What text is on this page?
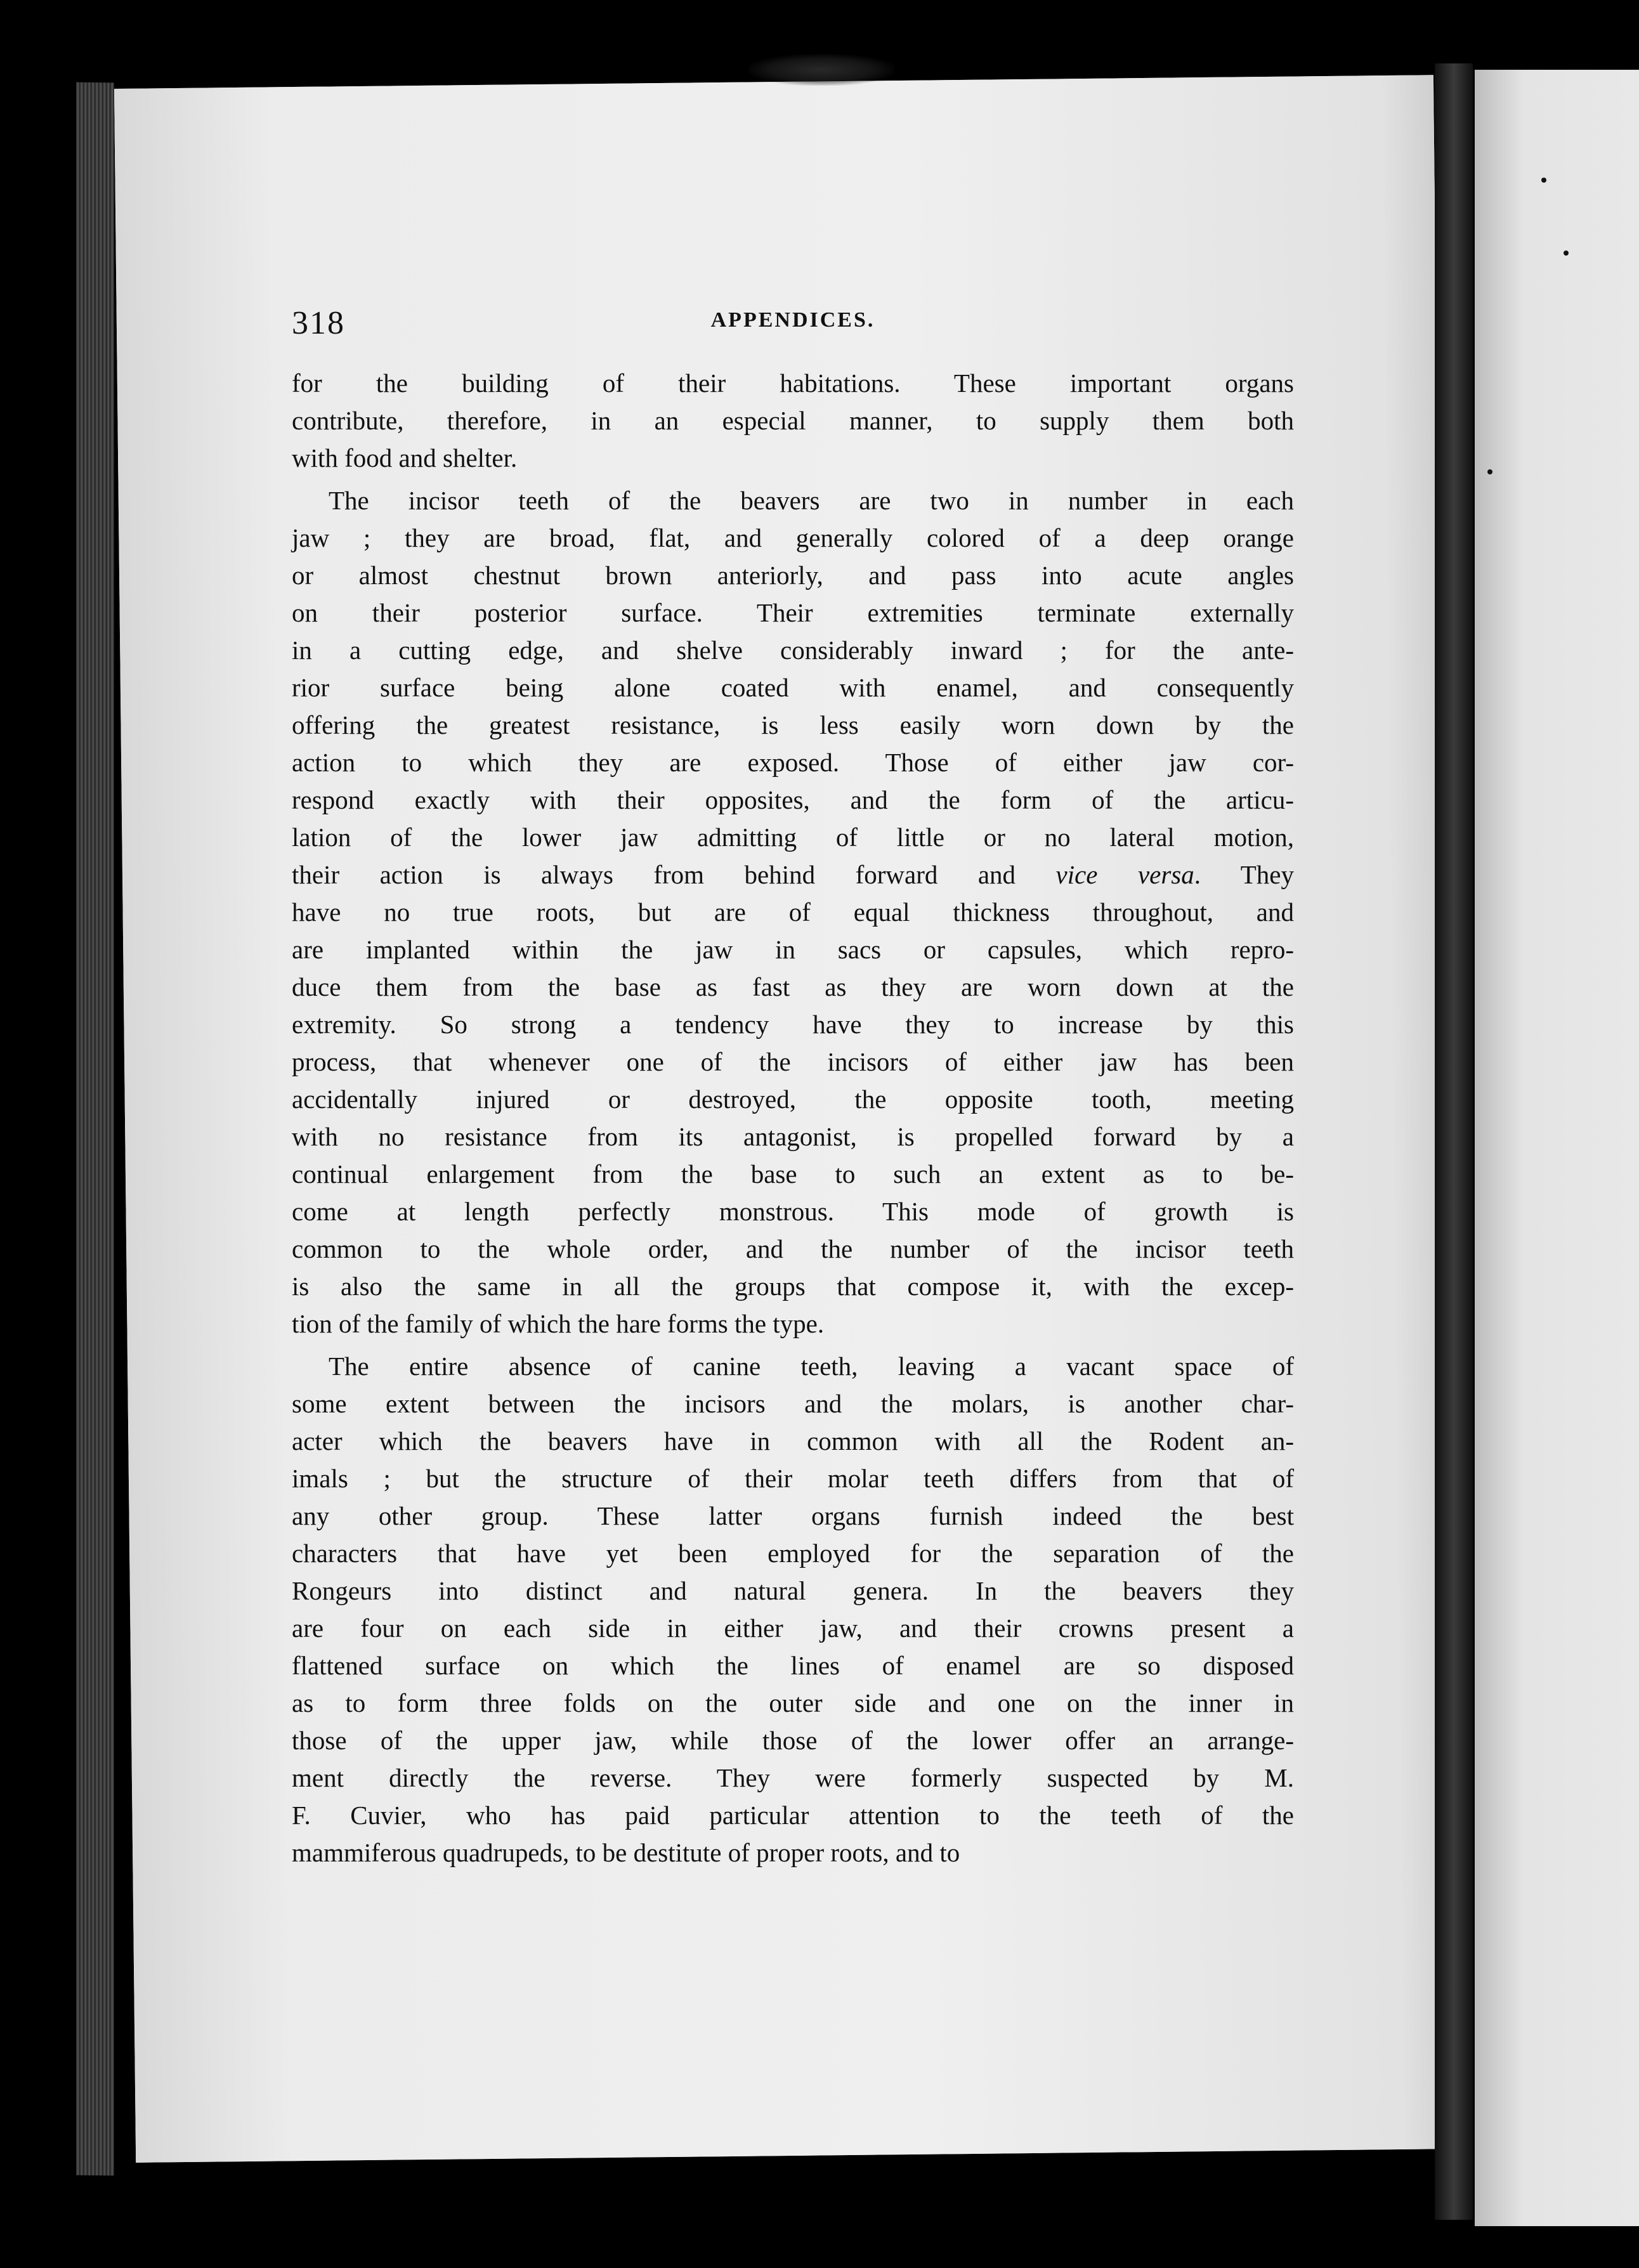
318	APPENDICES.
for the building of their habitations. These important organs
contribute, therefore, in an especial manner, to supply them both
with food and shelter.
The incisor teeth of the beavers are two in number in each
jaw ; they are broad, flat, and generally colored of a deep orange
or almost chestnut brown anteriorly, and pass into acute angles
on their posterior surface. Their extremities terminate externally
in a cutting edge, and shelve considerably inward ; for the ante-
rior surface being alone coated with enamel, and consequently
offering the greatest resistance, is less easily worn down by the
action to which they are exposed. Those of either jaw cor-
respond exactly with their opposites, and the form of the articu-
lation of the lower jaw admitting of little or no lateral motion,
their action is always from behind forward and vice versa. They
have no true roots, but are of equal thickness throughout, and
are implanted within the jaw in sacs or capsules, which repro-
duce them from the base as fast as they are worn down at the
extremity. So strong a tendency have they to increase by this
process, that whenever one of the incisors of either jaw has been
accidentally injured or destroyed, the opposite tooth, meeting
with no resistance from its antagonist, is propelled forward by a
continual enlargement from the base to such an extent as to be-
come at length perfectly monstrous. This mode of growth is
common to the whole order, and the number of the incisor teeth
is also the same in all the groups that compose it, with the excep-
tion of the family of which the hare forms the type.
The entire absence of canine teeth, leaving a vacant space of
some extent between the incisors and the molars, is another char-
acter which the beavers have in common with all the Rodent an-
imals ; but the structure of their molar teeth differs from that of
any other group. These latter organs furnish indeed the best
characters that have yet been employed for the separation of the
Rongeurs into distinct and natural genera. In the beavers they
are four on each side in either jaw, and their crowns present a
flattened surface on which the lines of enamel are so disposed
as to form three folds on the outer side and one on the inner in
those of the upper jaw, while those of the lower offer an arrange-
ment directly the reverse. They were formerly suspected by M.
F. Cuvier, who has paid particular attention to the teeth of the
mammiferous quadrupeds, to be destitute of proper roots, and to
